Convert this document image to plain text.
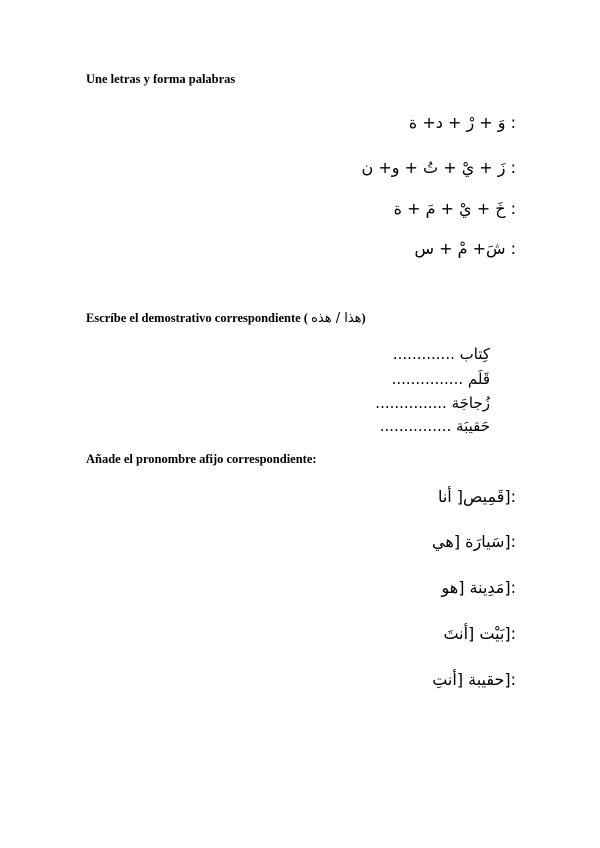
Une letras y forma palabras
: وَ + رْ + د+ ة
: زَ + يْ + تُ + و+ ن
: خَ + يْ + مَ + ة
: شَ+ مْ + س
Escríbe el demostrativo correspondiente ( هذا / هذه)
كِتاب .............
قَلَم ...............
زُجاجَة ...............
حَقيبَة ...............
Añade el pronombre afijo correspondiente:
:[قَمِيص[ أنا
:[سَيارَة [هي
:[مَدِينة [هو
:[بَيْت [أنتَ
:[حقيبة [أنتِ
